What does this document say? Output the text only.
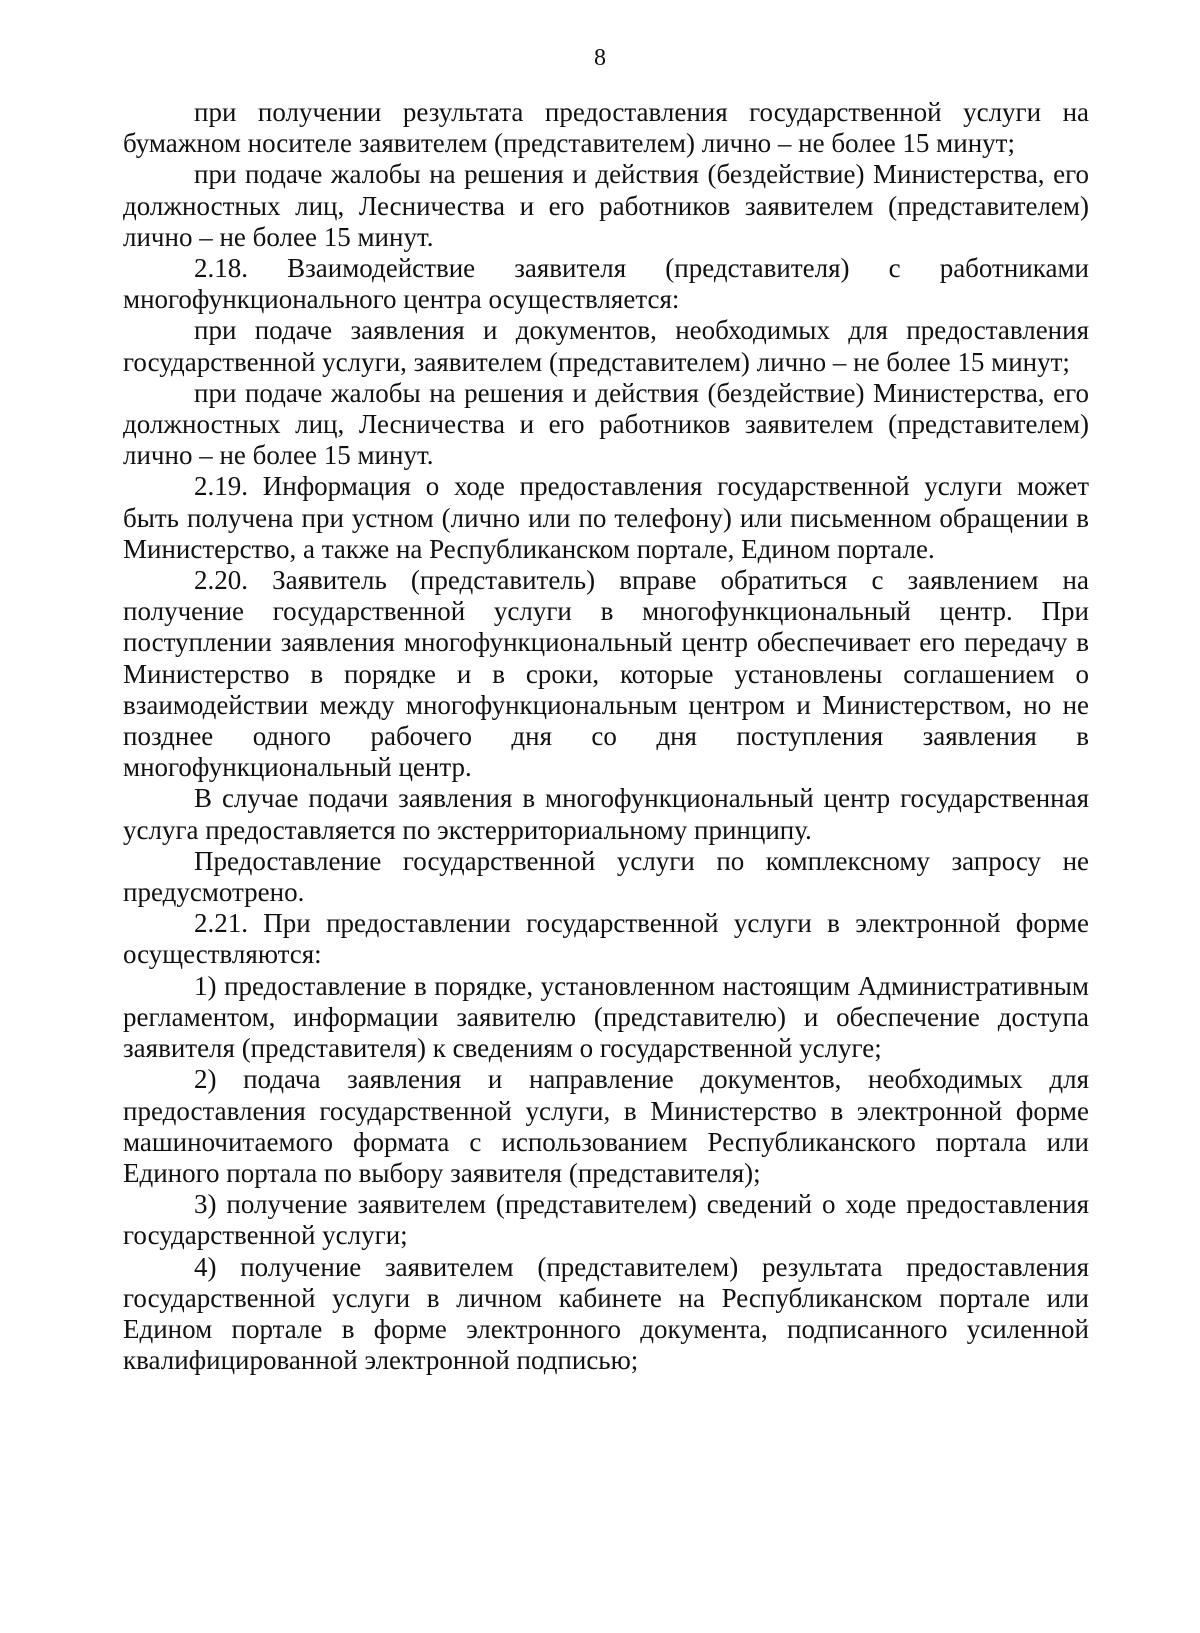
8

при получении результата предоставления государственной услуги на бумажном носителе заявителем (представителем) лично – не более 15 минут;

при подаче жалобы на решения и действия (бездействие) Министерства, его должностных лиц, Лесничества и его работников заявителем (представителем) лично – не более 15 минут.

2.18. Взаимодействие заявителя (представителя) с работниками многофункционального центра осуществляется:

при подаче заявления и документов, необходимых для предоставления государственной услуги, заявителем (представителем) лично – не более 15 минут;

при подаче жалобы на решения и действия (бездействие) Министерства, его должностных лиц, Лесничества и его работников заявителем (представителем) лично – не более 15 минут.

2.19. Информация о ходе предоставления государственной услуги может быть получена при устном (лично или по телефону) или письменном обращении в Министерство, а также на Республиканском портале, Едином портале.

2.20. Заявитель (представитель) вправе обратиться с заявлением на получение государственной услуги в многофункциональный центр. При поступлении заявления многофункциональный центр обеспечивает его передачу в Министерство в порядке и в сроки, которые установлены соглашением о взаимодействии между многофункциональным центром и Министерством, но не позднее одного рабочего дня со дня поступления заявления в многофункциональный центр.

В случае подачи заявления в многофункциональный центр государственная услуга предоставляется по экстерриториальному принципу.

Предоставление государственной услуги по комплексному запросу не предусмотрено.

2.21. При предоставлении государственной услуги в электронной форме осуществляются:

1) предоставление в порядке, установленном настоящим Административным регламентом, информации заявителю (представителю) и обеспечение доступа заявителя (представителя) к сведениям о государственной услуге;

2) подача заявления и направление документов, необходимых для предоставления государственной услуги, в Министерство в электронной форме машиночитаемого формата с использованием Республиканского портала или Единого портала по выбору заявителя (представителя);

3) получение заявителем (представителем) сведений о ходе предоставления государственной услуги;

4) получение заявителем (представителем) результата предоставления государственной услуги в личном кабинете на Республиканском портале или Едином портале в форме электронного документа, подписанного усиленной квалифицированной электронной подписью;
